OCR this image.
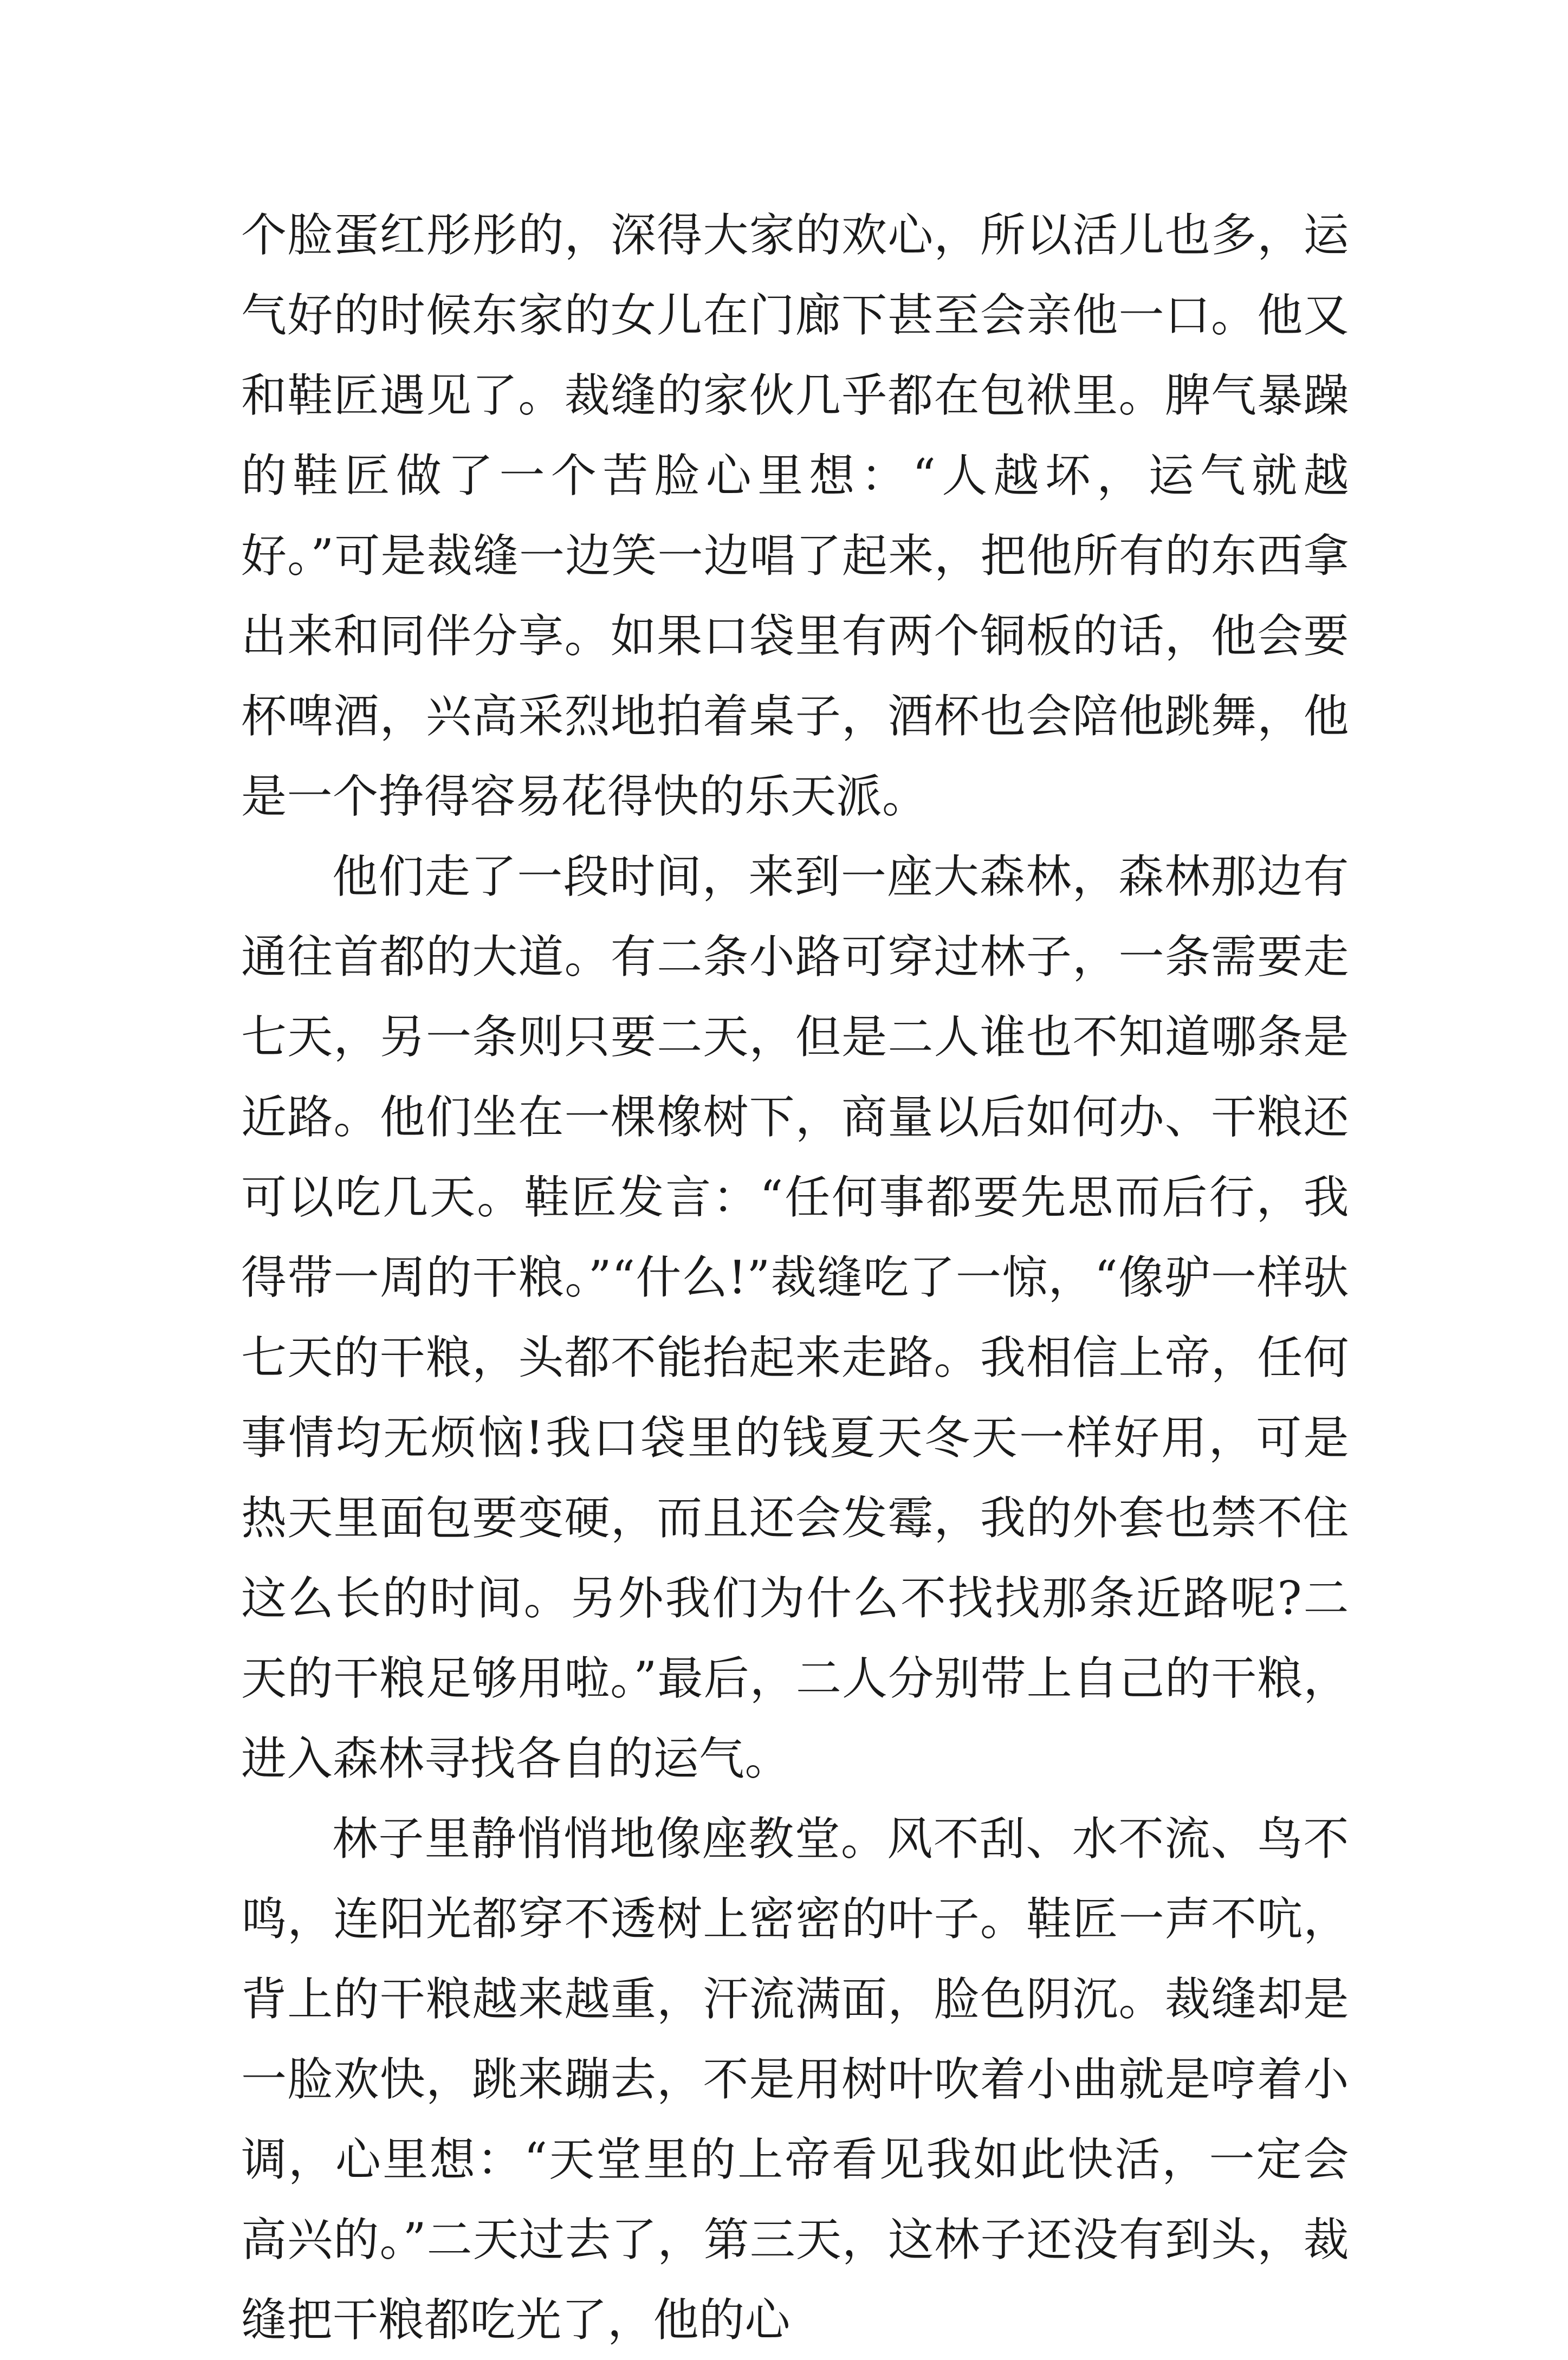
个脸蛋红彤彤的，深得大家的欢心，所以活儿也多，运气好的时候东家的女儿在门廊下甚至会亲他一口。他又和鞋匠遇见了。裁缝的家伙几乎都在包袱里。脾气暴躁的鞋匠做了一个苦脸心里想：“人越坏，运气就越好。”可是裁缝一边笑一边唱了起来，把他所有的东西拿出来和同伴分享。如果口袋里有两个铜板的话，他会要杯啤酒，兴高采烈地拍着桌子，酒杯也会陪他跳舞，他是一个挣得容易花得快的乐天派。

他们走了一段时间，来到一座大森林，森林那边有通往首都的大道。有二条小路可穿过林子，一条需要走七天，另一条则只要二天，但是二人谁也不知道哪条是近路。他们坐在一棵橡树下，商量以后如何办、干粮还可以吃几天。鞋匠发言：“任何事都要先思而后行，我得带一周的干粮。”“什么!”裁缝吃了一惊，“像驴一样驮七天的干粮，头都不能抬起来走路。我相信上帝，任何事情均无烦恼!我口袋里的钱夏天冬天一样好用，可是热天里面包要变硬，而且还会发霉，我的外套也禁不住这么长的时间。另外我们为什么不找找那条近路呢?二天的干粮足够用啦。”最后，二人分别带上自己的干粮，进入森林寻找各自的运气。

林子里静悄悄地像座教堂。风不刮、水不流、鸟不鸣，连阳光都穿不透树上密密的叶子。鞋匠一声不吭，背上的干粮越来越重，汗流满面，脸色阴沉。裁缝却是一脸欢快，跳来蹦去，不是用树叶吹着小曲就是哼着小调，心里想：“天堂里的上帝看见我如此快活，一定会高兴的。”二天过去了，第三天，这林子还没有到头，裁缝把干粮都吃光了，他的心
